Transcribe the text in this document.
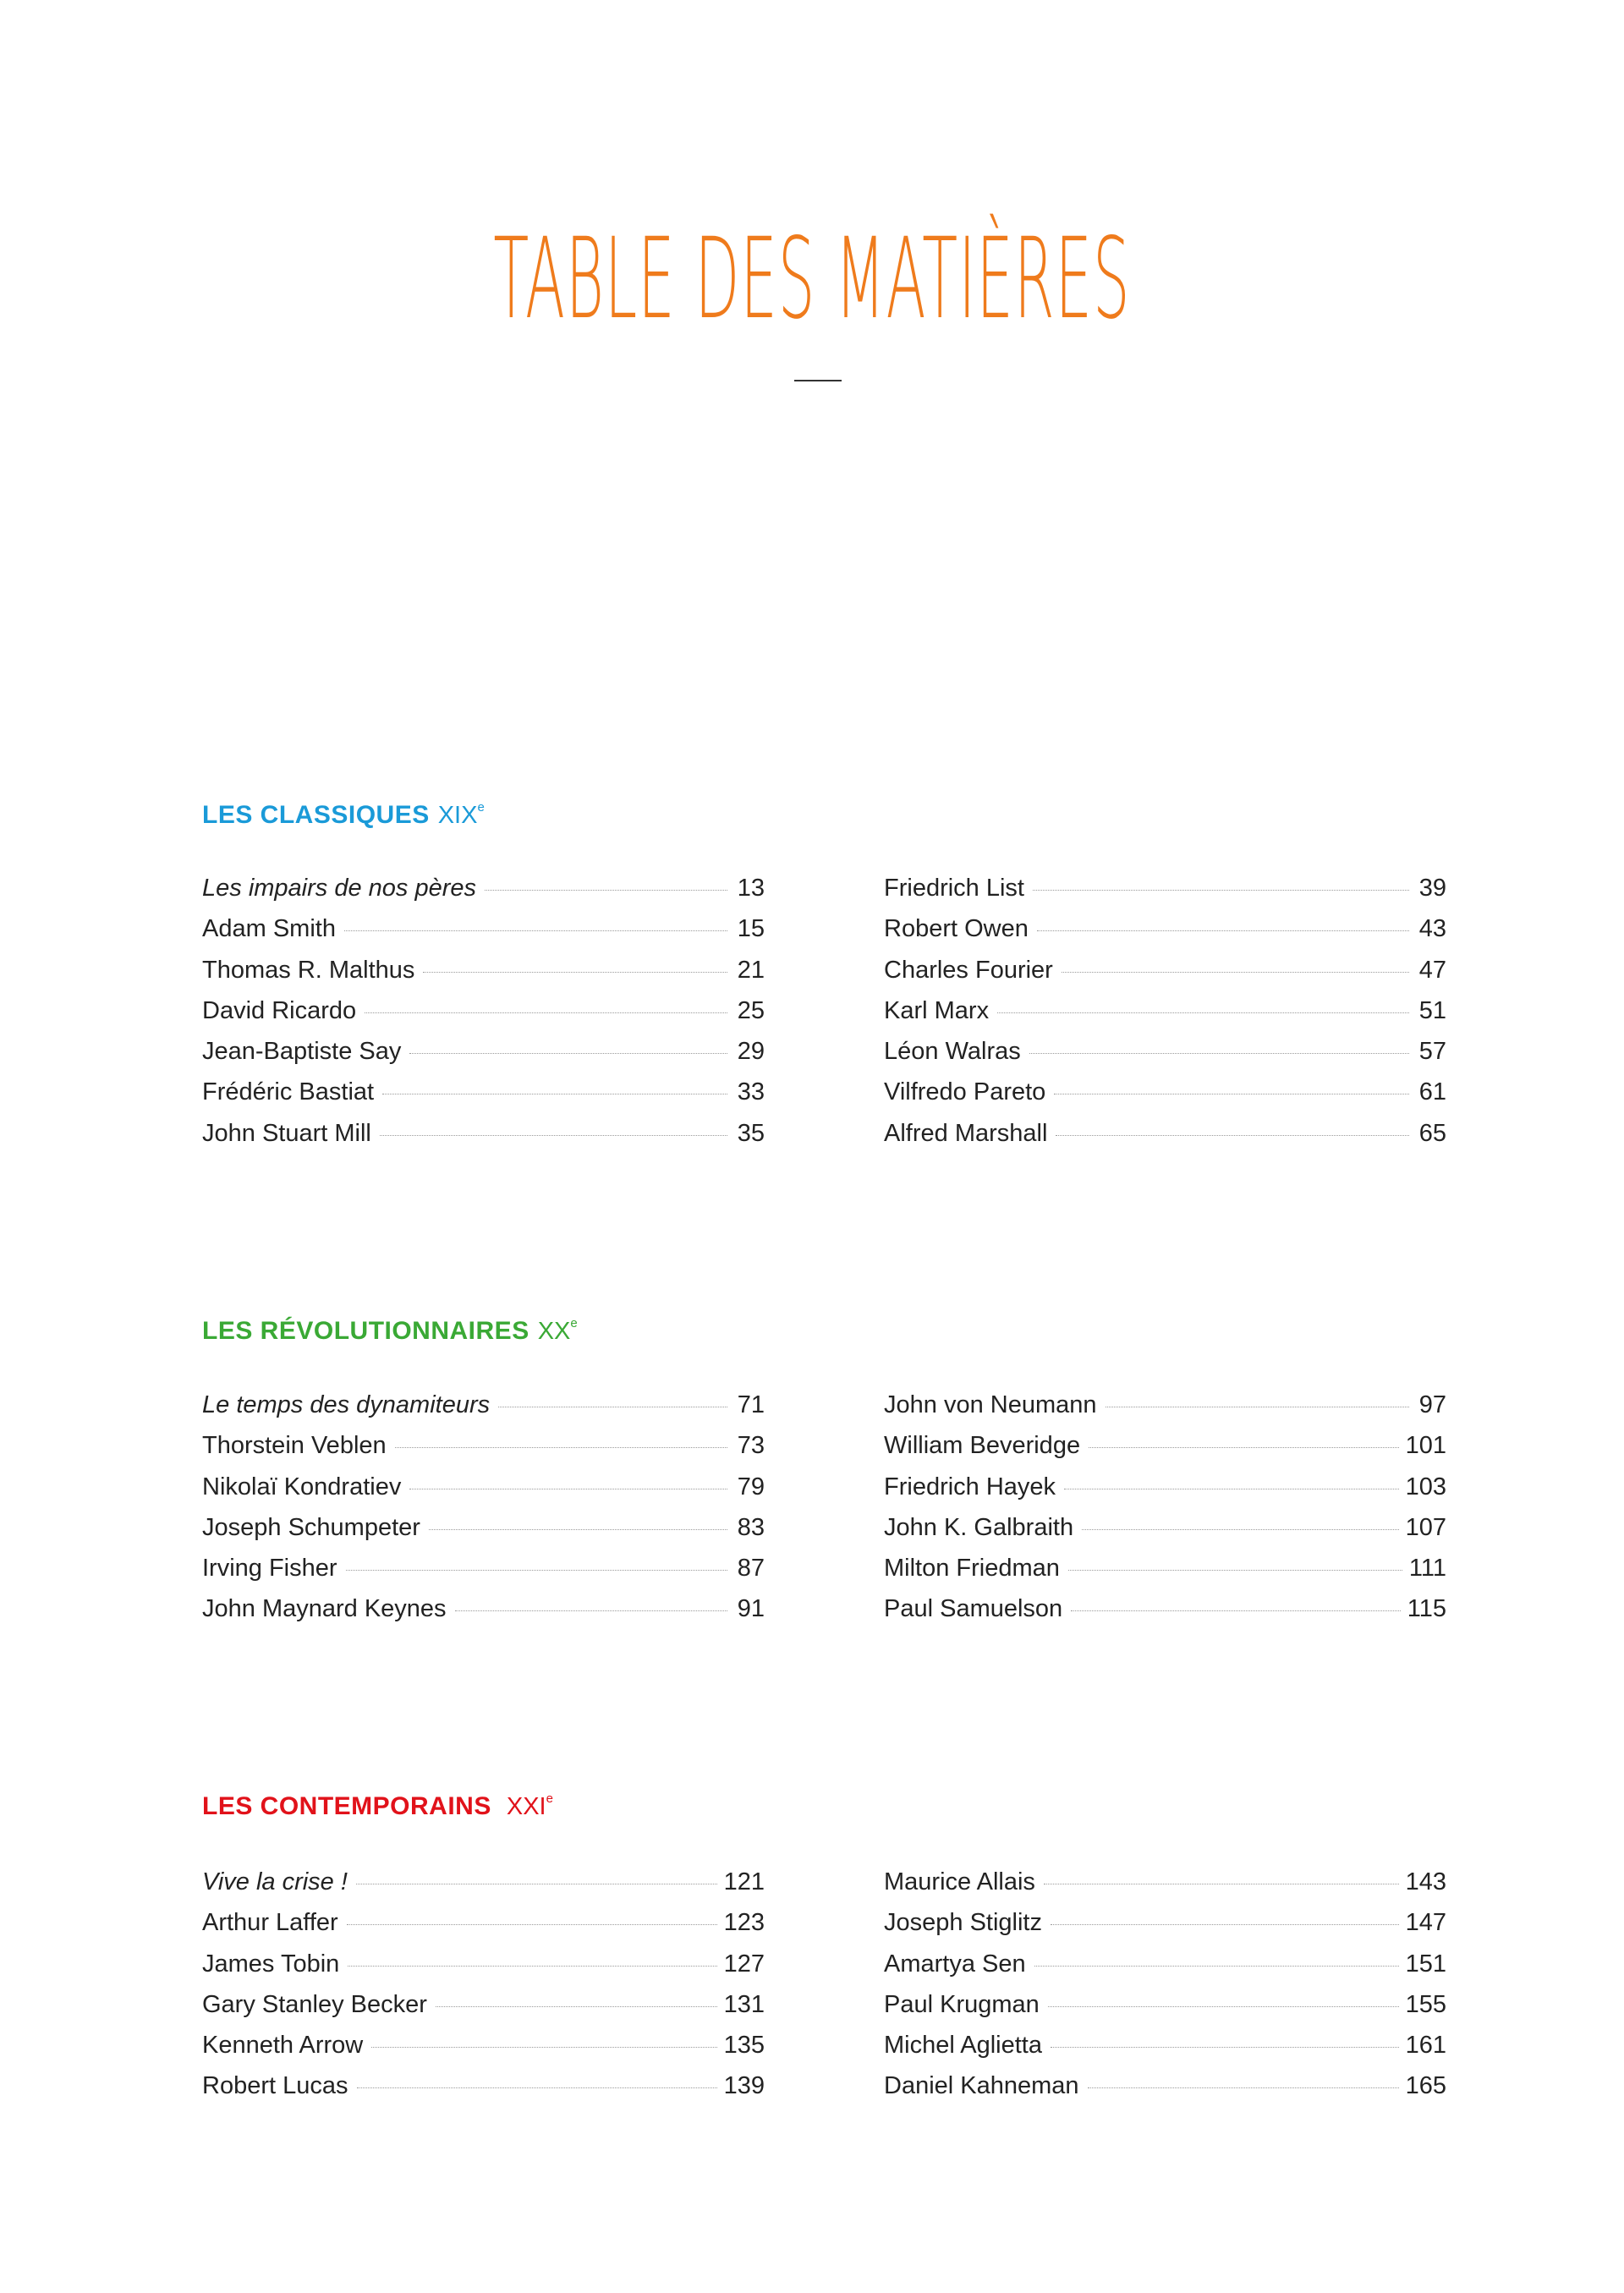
TABLE DES MATIÈRES
LES CLASSIQUES XIXe
Les impairs de nos pères	13
Adam Smith	15
Thomas R. Malthus	21
David Ricardo	25
Jean-Baptiste Say	29
Frédéric Bastiat	33
John Stuart Mill	35
Friedrich List	39
Robert Owen	43
Charles Fourier	47
Karl Marx	51
Léon Walras	57
Vilfredo Pareto	61
Alfred Marshall	65
LES RÉVOLUTIONNAIRES XXe
Le temps des dynamiteurs	71
Thorstein Veblen	73
Nikolaï Kondratiev	79
Joseph Schumpeter	83
Irving Fisher	87
John Maynard Keynes	91
John von Neumann	97
William Beveridge	101
Friedrich Hayek	103
John K. Galbraith	107
Milton Friedman	111
Paul Samuelson	115
LES CONTEMPORAINS XXIe
Vive la crise !	121
Arthur Laffer	123
James Tobin	127
Gary Stanley Becker	131
Kenneth Arrow	135
Robert Lucas	139
Maurice Allais	143
Joseph Stiglitz	147
Amartya Sen	151
Paul Krugman	155
Michel Aglietta	161
Daniel Kahneman	165
